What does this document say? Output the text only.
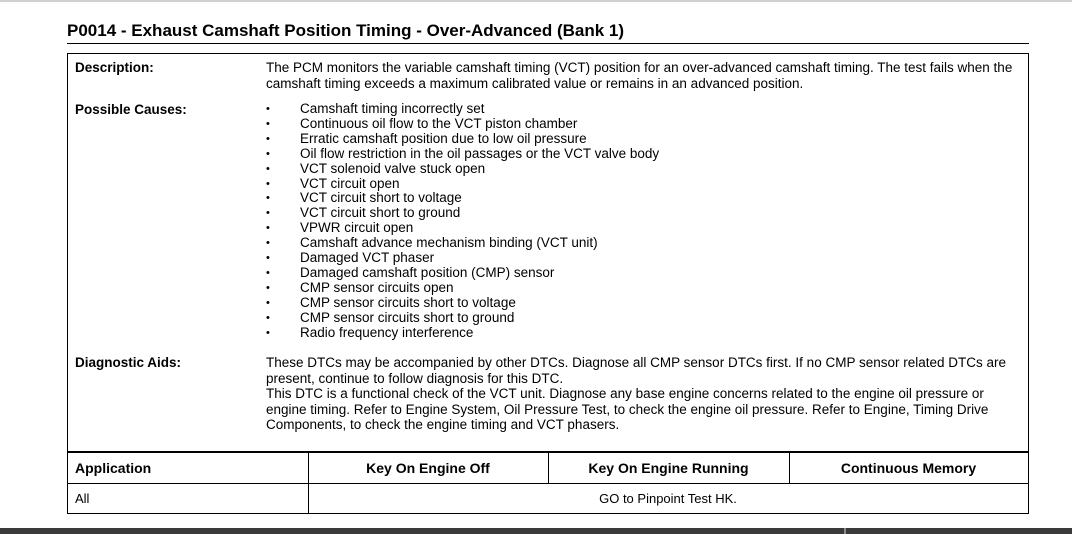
P0014 - Exhaust Camshaft Position Timing - Over-Advanced (Bank 1)
Description:	The PCM monitors the variable camshaft timing (VCT) position for an over-advanced camshaft timing. The test fails when the camshaft timing exceeds a maximum calibrated value or remains in an advanced position.
Possible Causes:
•	Camshaft timing incorrectly set
• Continuous oil flow to the VCT piston chamber
• Erratic camshaft position due to low oil pressure
• Oil flow restriction in the oil passages or the VCT valve body
• VCT solenoid valve stuck open
• VCT circuit open
• VCT circuit short to voltage
• VCT circuit short to ground
• VPWR circuit open
• Camshaft advance mechanism binding (VCT unit)
• Damaged VCT phaser
• Damaged camshaft position (CMP) sensor
• CMP sensor circuits open
• CMP sensor circuits short to voltage
• CMP sensor circuits short to ground
• Radio frequency interference
Diagnostic Aids:	These DTCs may be accompanied by other DTCs. Diagnose all CMP sensor DTCs first. If no CMP sensor related DTCs are present, continue to follow diagnosis for this DTC.

This DTC is a functional check of the VCT unit. Diagnose any base engine concerns related to the engine oil pressure or engine timing. Refer to Engine System, Oil Pressure Test, to check the engine oil pressure. Refer to Engine, Timing Drive Components, to check the engine timing and VCT phasers.

Application	Key On Engine Off	Key On Engine Running	Continuous Memory
All	GO to Pinpoint Test HK.
